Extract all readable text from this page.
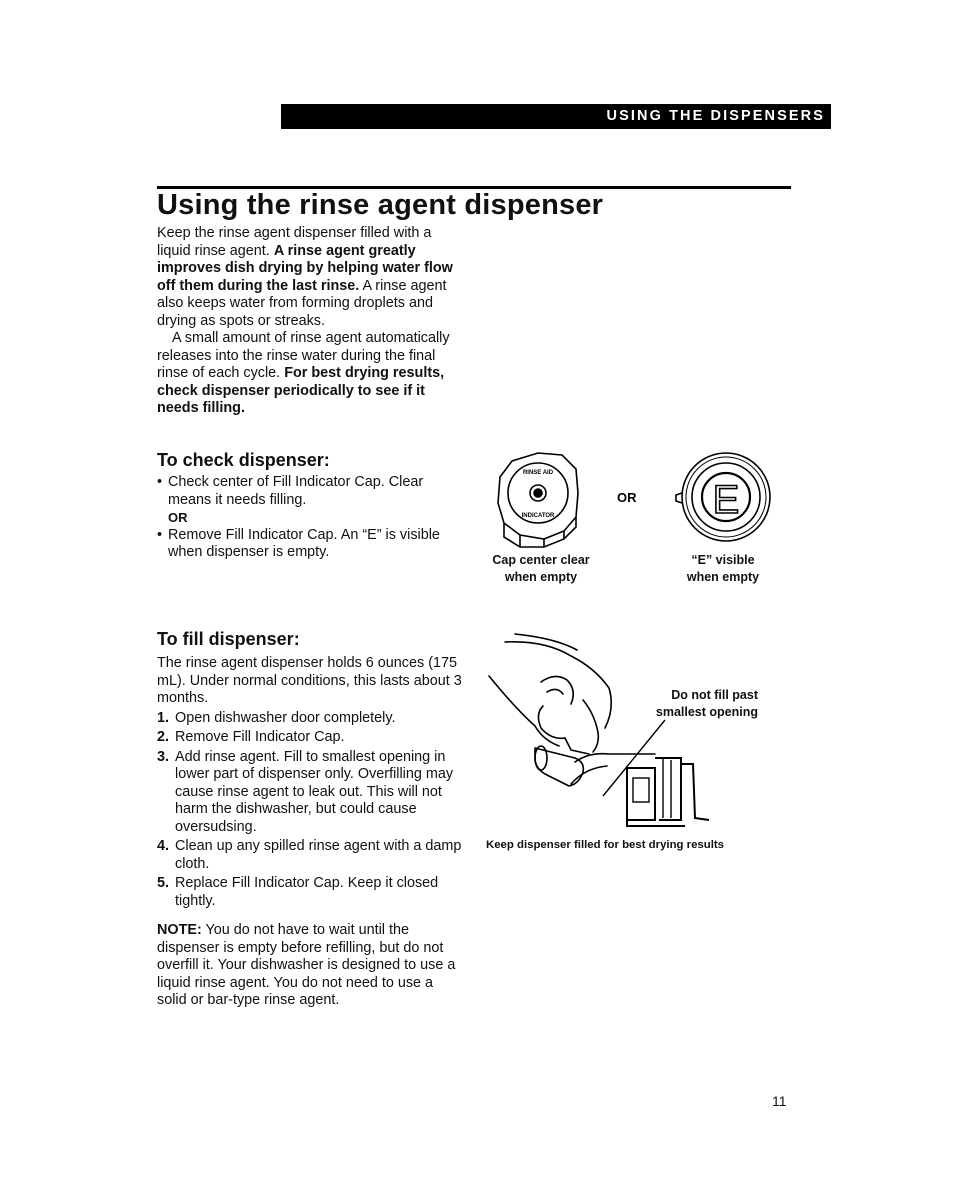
USING THE DISPENSERS
Using the rinse agent dispenser

Keep the rinse agent dispenser filled with a liquid rinse agent. A rinse agent greatly improves dish drying by helping water flow off them during the last rinse. A rinse agent also keeps water from forming droplets and drying as spots or streaks.

A small amount of rinse agent automatically releases into the rinse water during the final rinse of each cycle. For best drying results, check dispenser periodically to see if it needs filling.

To check dispenser:

• Check center of Fill Indicator Cap. Clear means it needs filling.

OR

• Remove Fill Indicator Cap. An “E” is visible when dispenser is empty.

RINSE AID
INDICATOR
OR E
Cap center clear
when empty
“E” visible
when empty
To fill dispenser:

The rinse agent dispenser holds 6 ounces (175 mL). Under normal conditions, this lasts about 3 months.

1. Open dishwasher door completely.

2. Remove Fill Indicator Cap.

3. Add rinse agent. Fill to smallest opening in lower part of dispenser only. Overfilling may cause rinse agent to leak out. This will not harm the dishwasher, but could cause oversudsing.

4. Clean up any spilled rinse agent with a damp cloth.

5. Replace Fill Indicator Cap. Keep it closed tightly.

NOTE: You do not have to wait until the dispenser is empty before refilling, but do not overfill it. Your dishwasher is designed to use a liquid rinse agent. You do not need to use a solid or bar-type rinse agent.

Do not fill past
smallest opening
Keep dispenser filled for best drying results
11
